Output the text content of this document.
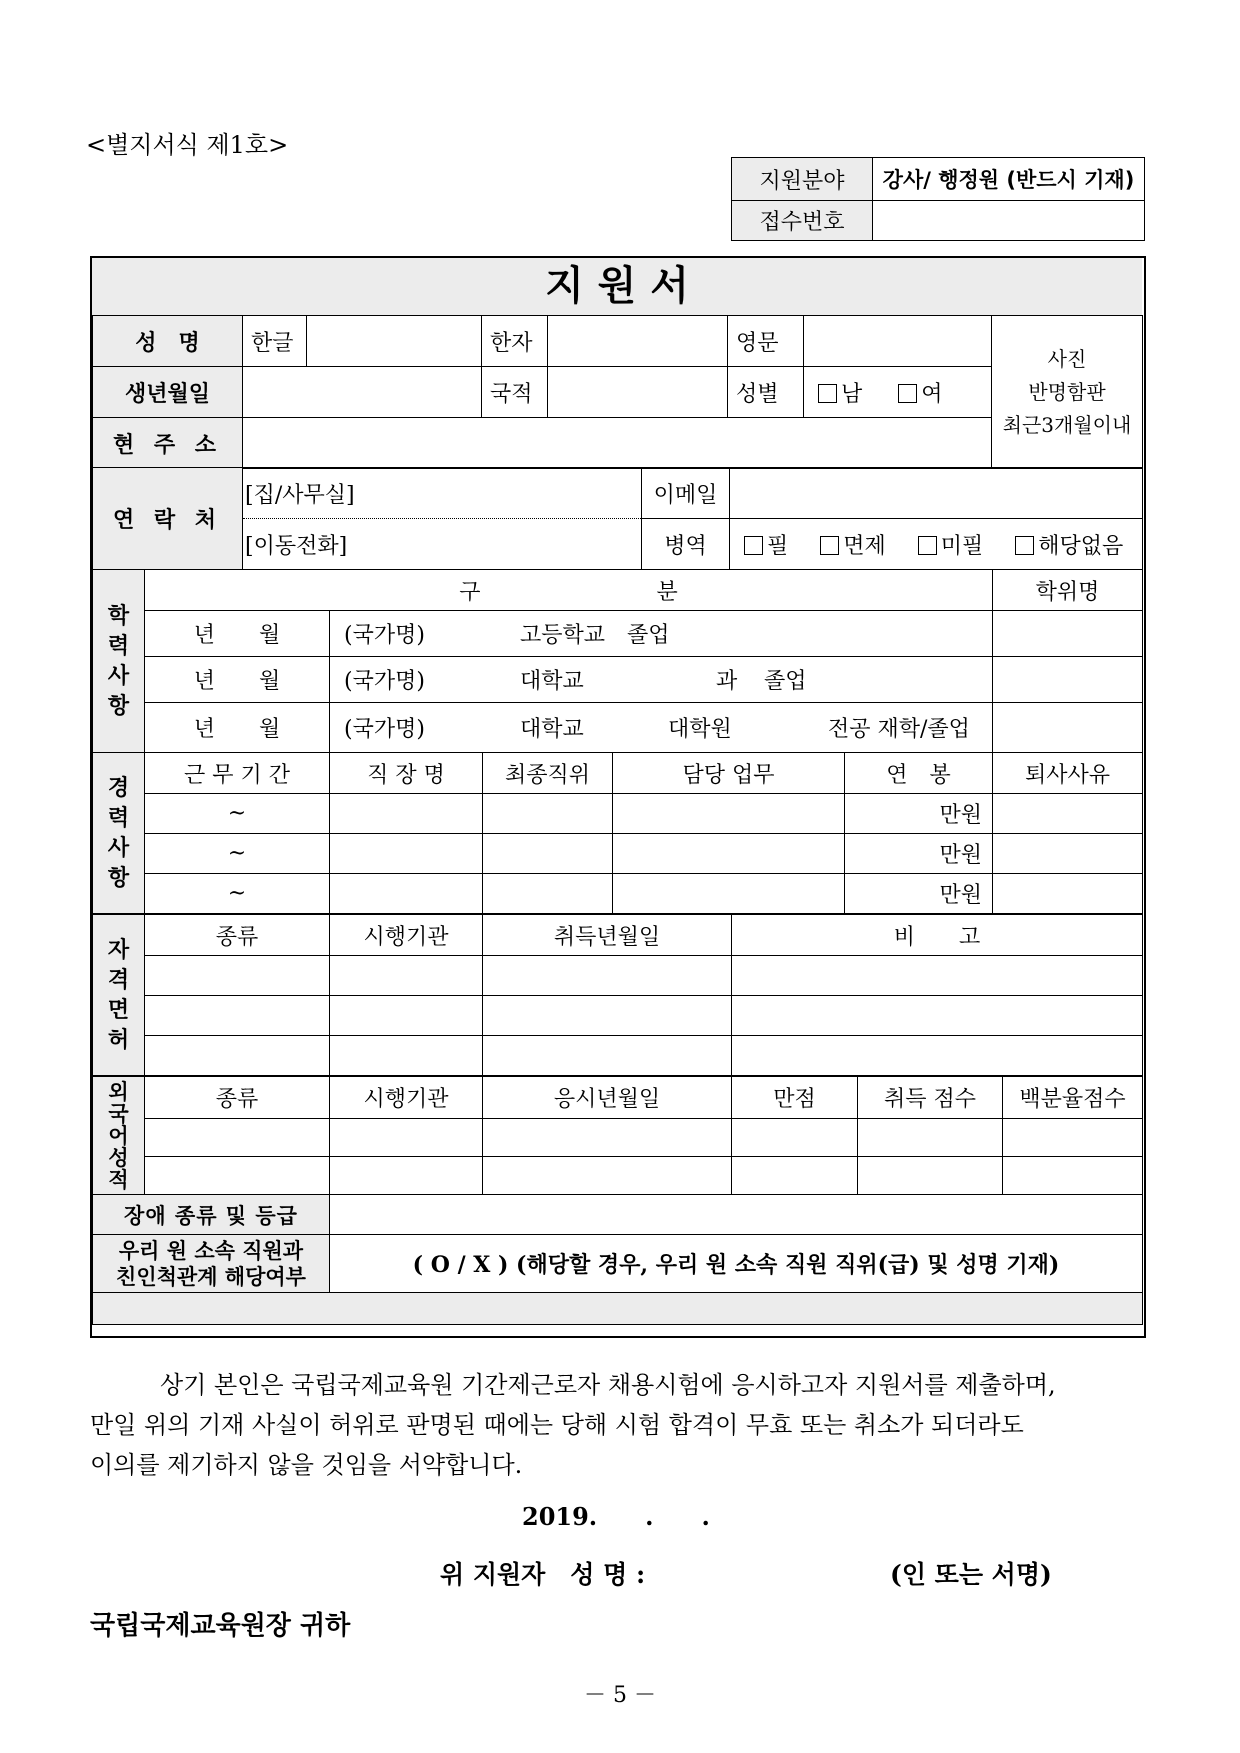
<별지서식 제1호>
지원분야	강사/ 행정원 (반드시 기재)
접수번호	
지 원 서
성　명	한글		한자		영문		사진
반명함판
최근3개월이내

생년월일			국적		성별	남 여	
현 주 소							
연 락 처	[집/사무실]	이메일	
	[이동전화]	병역	필 면제 미필 해당없음
학
력
사
항	구　　　　　　　　분		학위명
	년　　월	(국가명) 고등학교　졸업	
	년　　월	(국가명) 대학교 과 졸업	
	년　　월	(국가명) 대학교 대학원 전공 재학/졸업	
경
력
사
항	근 무 기 간	직 장 명	최종직위	담당 업무	연　봉	퇴사사유
	~				만원	
	~				만원	
	~				만원	
자
격
면
허	종류	시행기관	취득년월일	비　　고

외
국
어
성
적	종류	시행기관	응시년월일	만점	취득 점수	백분율점수

장애 종류 및 등급	

우리 원 소속 직원과
친인척관계 해당여부	( O / X ) (해당할 경우, 우리 원 소속 직원 직위(급) 및 성명 기재)

상기 본인은 국립국제교육원 기간제근로자 채용시험에 응시하고자 지원서를 제출하며,
만일 위의 기재 사실이 허위로 판명된 때에는 당해 시험 합격이 무효 또는 취소가 되더라도
이의를 제기하지 않을 것임을 서약합니다.
2019.　　.　　.
위 지원자　성 명 :	(인 또는 서명)
국립국제교육원장 귀하
－ 5 －
